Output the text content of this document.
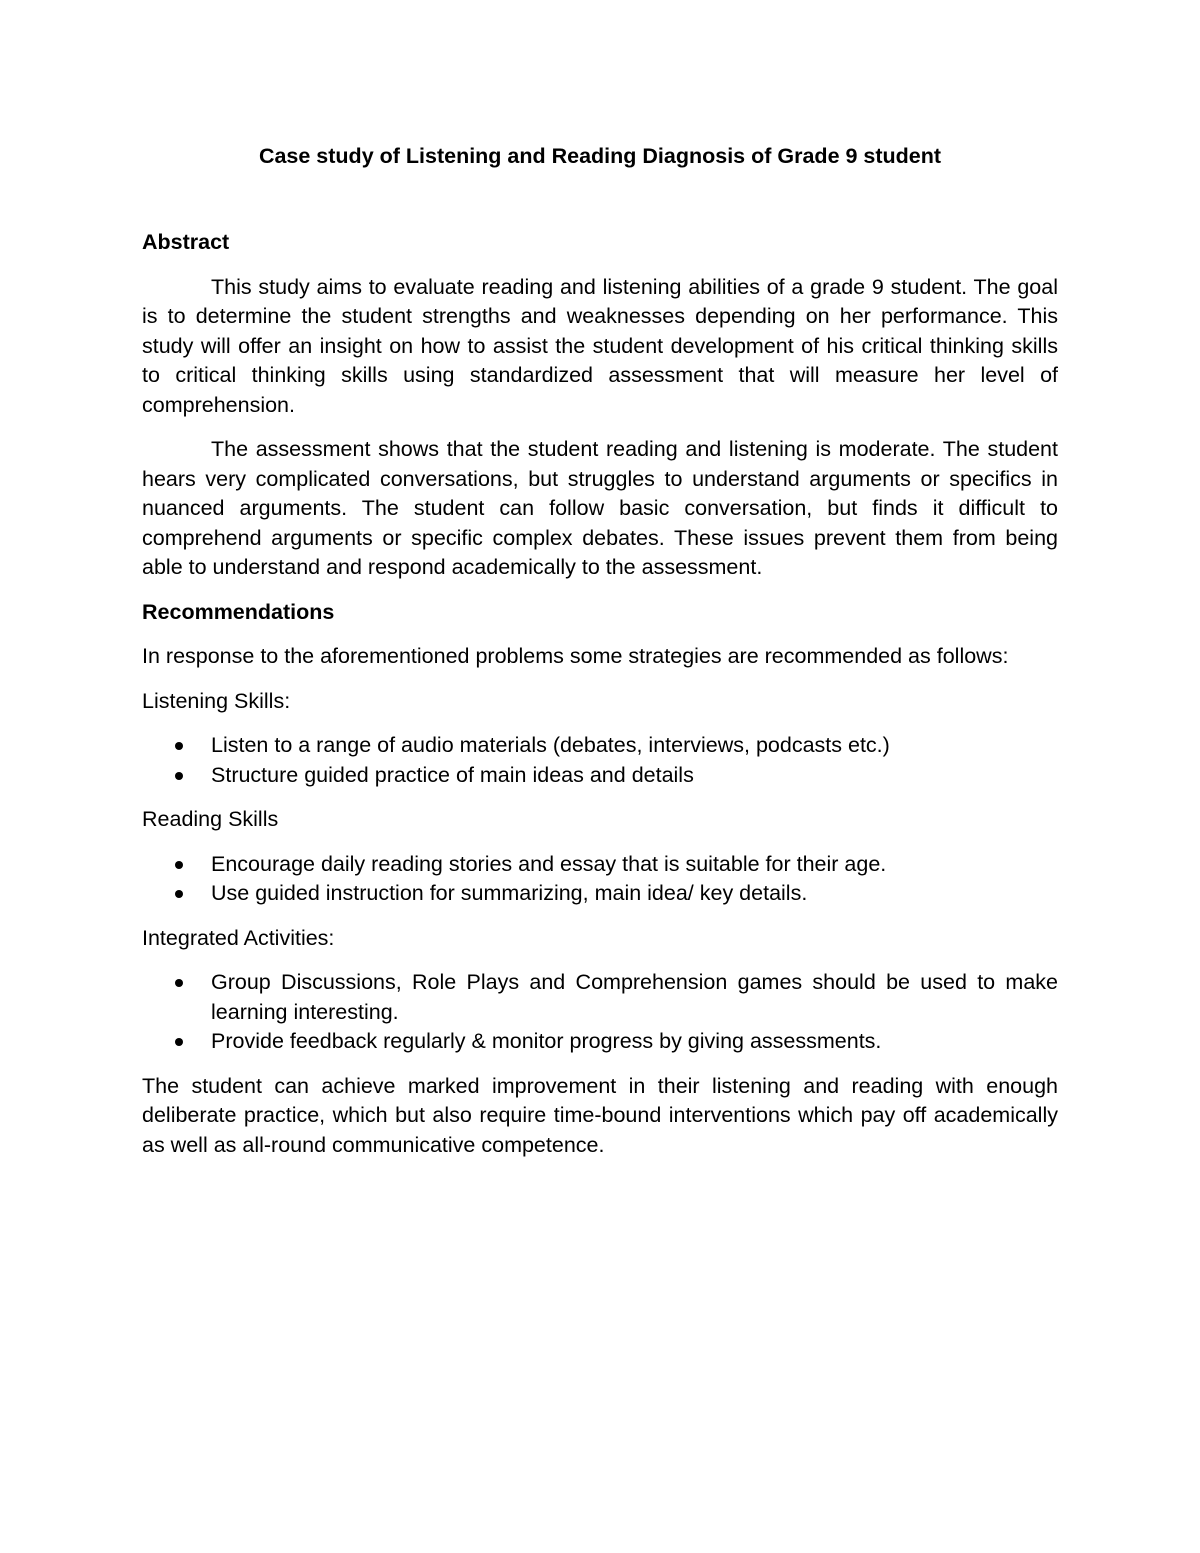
Case study of Listening and Reading Diagnosis of Grade 9 student
Abstract

This study aims to evaluate reading and listening abilities of a grade 9 student. The goal is to determine the student strengths and weaknesses depending on her performance. This study will offer an insight on how to assist the student development of his critical thinking skills to critical thinking skills using standardized assessment that will measure her level of comprehension.

The assessment shows that the student reading and listening is moderate. The student hears very complicated conversations, but struggles to understand arguments or specifics in nuanced arguments. The student can follow basic conversation, but finds it difficult to comprehend arguments or specific complex debates. These issues prevent them from being able to understand and respond academically to the assessment.

Recommendations

In response to the aforementioned problems some strategies are recommended as follows:

Listening Skills:
Listen to a range of audio materials (debates, interviews, podcasts etc.)
Structure guided practice of main ideas and details
Reading Skills
Encourage daily reading stories and essay that is suitable for their age.
Use guided instruction for summarizing, main idea/ key details.
Integrated Activities:
Group Discussions, Role Plays and Comprehension games should be used to make learning interesting.
Provide feedback regularly & monitor progress by giving assessments.

The student can achieve marked improvement in their listening and reading with enough deliberate practice, which but also require time-bound interventions which pay off academically as well as all-round communicative competence.
